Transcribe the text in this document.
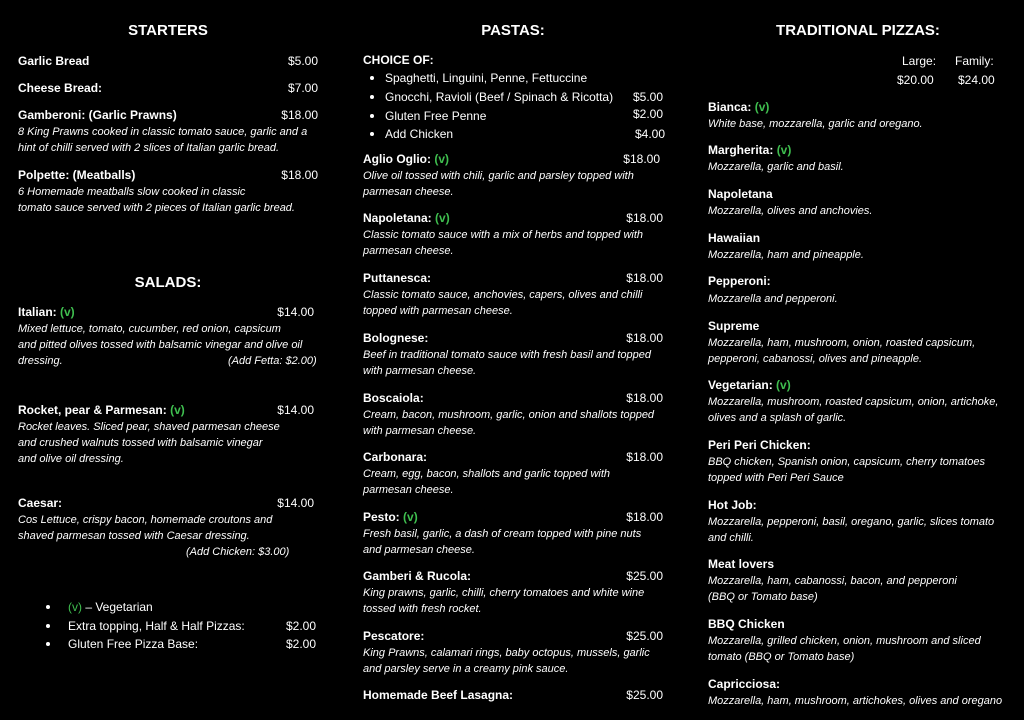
STARTERS
Garlic Bread	$5.00
Cheese Bread:	$7.00
Gamberoni: (Garlic Prawns)	$18.00
8 King Prawns cooked in classic tomato sauce, garlic and a
hint of chilli served with 2 slices of Italian garlic bread.
Polpette: (Meatballs)	$18.00
6 Homemade meatballs slow cooked in classic
tomato sauce served with 2 pieces of Italian garlic bread.
SALADS:
Italian: (v)	$14.00
Mixed lettuce, tomato, cucumber, red onion, capsicum
and pitted olives tossed with balsamic vinegar and olive oil
dressing.	(Add Fetta: $2.00)
Rocket, pear & Parmesan: (v)	$14.00
Rocket leaves. Sliced pear, shaved parmesan cheese
and crushed walnuts tossed with balsamic vinegar
and olive oil dressing.
Caesar:	$14.00
Cos Lettuce, crispy bacon, homemade croutons and
shaved parmesan tossed with Caesar dressing.
(Add Chicken: $3.00)
(v) – Vegetarian
Extra topping, Half & Half Pizzas:	$2.00
Gluten Free Pizza Base:	$2.00
PASTAS:
CHOICE OF:
Spaghetti, Linguini, Penne, Fettuccine
Gnocchi, Ravioli (Beef / Spinach & Ricotta)	$5.00
Gluten Free Penne	$2.00
Add Chicken	$4.00
Aglio Oglio: (v)	$18.00
Olive oil tossed with chili, garlic and parsley topped with
parmesan cheese.
Napoletana: (v)	$18.00
Classic tomato sauce with a mix of herbs and topped with
parmesan cheese.
Puttanesca:	$18.00
Classic tomato sauce, anchovies, capers, olives and chilli
topped with parmesan cheese.
Bolognese:	$18.00
Beef in traditional tomato sauce with fresh basil and topped
with parmesan cheese.
Boscaiola:	$18.00
Cream, bacon, mushroom, garlic, onion and shallots topped
with parmesan cheese.
Carbonara:	$18.00
Cream, egg, bacon, shallots and garlic topped with
parmesan cheese.
Pesto: (v)	$18.00
Fresh basil, garlic, a dash of cream topped with pine nuts
and parmesan cheese.
Gamberi & Rucola:	$25.00
King prawns, garlic, chilli, cherry tomatoes and white wine
tossed with fresh rocket.
Pescatore:	$25.00
King Prawns, calamari rings, baby octopus, mussels, garlic
and parsley serve in a creamy pink sauce.
Homemade Beef Lasagna:	$25.00
TRADITIONAL PIZZAS:
Large: Family:
$20.00 $24.00
Bianca: (v)
White base, mozzarella, garlic and oregano.
Margherita: (v)
Mozzarella, garlic and basil.
Napoletana
Mozzarella, olives and anchovies.
Hawaiian
Mozzarella, ham and pineapple.
Pepperoni:
Mozzarella and pepperoni.
Supreme
Mozzarella, ham, mushroom, onion, roasted capsicum,
pepperoni, cabanossi, olives and pineapple.
Vegetarian: (v)
Mozzarella, mushroom, roasted capsicum, onion, artichoke,
olives and a splash of garlic.
Peri Peri Chicken:
BBQ chicken, Spanish onion, capsicum, cherry tomatoes
topped with Peri Peri Sauce
Hot Job:
Mozzarella, pepperoni, basil, oregano, garlic, slices tomato
and chilli.
Meat lovers
Mozzarella, ham, cabanossi, bacon, and pepperoni
(BBQ or Tomato base)
BBQ Chicken
Mozzarella, grilled chicken, onion, mushroom and sliced
tomato (BBQ or Tomato base)
Capricciosa:
Mozzarella, ham, mushroom, artichokes, olives and oregano
